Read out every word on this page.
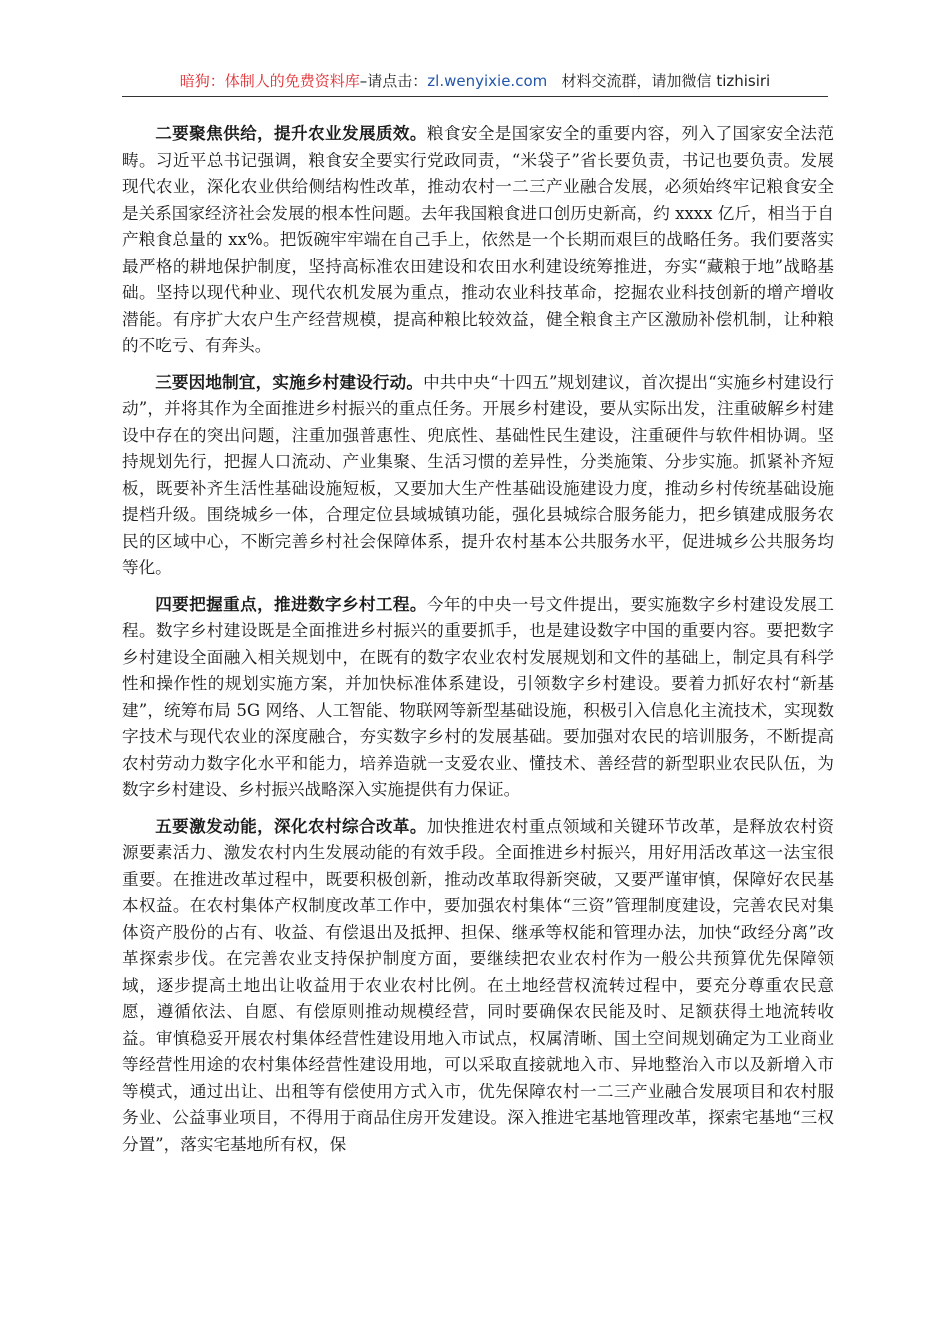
暗狗：体制人的免费资料库–请点击：zl.wenyixie.com 材料交流群，请加微信 tizhisiri

二要聚焦供给，提升农业发展质效。粮食安全是国家安全的重要内容，列入了国家安全法范畴。习近平总书记强调，粮食安全要实行党政同责，“米袋子”省长要负责，书记也要负责。发展现代农业，深化农业供给侧结构性改革，推动农村一二三产业融合发展，必须始终牢记粮食安全是关系国家经济社会发展的根本性问题。去年我国粮食进口创历史新高，约 xxxx 亿斤，相当于自产粮食总量的 xx%。把饭碗牢牢端在自己手上，依然是一个长期而艰巨的战略任务。我们要落实最严格的耕地保护制度，坚持高标准农田建设和农田水利建设统筹推进，夯实“藏粮于地”战略基础。坚持以现代种业、现代农机发展为重点，推动农业科技革命，挖掘农业科技创新的增产增收潜能。有序扩大农户生产经营规模，提高种粮比较效益，健全粮食主产区激励补偿机制，让种粮的不吃亏、有奔头。

三要因地制宜，实施乡村建设行动。中共中央“十四五”规划建议，首次提出“实施乡村建设行动”，并将其作为全面推进乡村振兴的重点任务。开展乡村建设，要从实际出发，注重破解乡村建设中存在的突出问题，注重加强普惠性、兜底性、基础性民生建设，注重硬件与软件相协调。坚持规划先行，把握人口流动、产业集聚、生活习惯的差异性，分类施策、分步实施。抓紧补齐短板，既要补齐生活性基础设施短板，又要加大生产性基础设施建设力度，推动乡村传统基础设施提档升级。围绕城乡一体，合理定位县域城镇功能，强化县城综合服务能力，把乡镇建成服务农民的区域中心，不断完善乡村社会保障体系，提升农村基本公共服务水平，促进城乡公共服务均等化。

四要把握重点，推进数字乡村工程。今年的中央一号文件提出，要实施数字乡村建设发展工程。数字乡村建设既是全面推进乡村振兴的重要抓手，也是建设数字中国的重要内容。要把数字乡村建设全面融入相关规划中，在既有的数字农业农村发展规划和文件的基础上，制定具有科学性和操作性的规划实施方案，并加快标准体系建设，引领数字乡村建设。要着力抓好农村“新基建”，统筹布局 5G 网络、人工智能、物联网等新型基础设施，积极引入信息化主流技术，实现数字技术与现代农业的深度融合，夯实数字乡村的发展基础。要加强对农民的培训服务，不断提高农村劳动力数字化水平和能力，培养造就一支爱农业、懂技术、善经营的新型职业农民队伍，为数字乡村建设、乡村振兴战略深入实施提供有力保证。

五要激发动能，深化农村综合改革。加快推进农村重点领域和关键环节改革，是释放农村资源要素活力、激发农村内生发展动能的有效手段。全面推进乡村振兴，用好用活改革这一法宝很重要。在推进改革过程中，既要积极创新，推动改革取得新突破，又要严谨审慎，保障好农民基本权益。在农村集体产权制度改革工作中，要加强农村集体“三资”管理制度建设，完善农民对集体资产股份的占有、收益、有偿退出及抵押、担保、继承等权能和管理办法，加快“政经分离”改革探索步伐。在完善农业支持保护制度方面，要继续把农业农村作为一般公共预算优先保障领域，逐步提高土地出让收益用于农业农村比例。在土地经营权流转过程中，要充分尊重农民意愿，遵循依法、自愿、有偿原则推动规模经营，同时要确保农民能及时、足额获得土地流转收益。审慎稳妥开展农村集体经营性建设用地入市试点，权属清晰、国土空间规划确定为工业商业等经营性用途的农村集体经营性建设用地，可以采取直接就地入市、异地整治入市以及新增入市等模式，通过出让、出租等有偿使用方式入市，优先保障农村一二三产业融合发展项目和农村服务业、公益事业项目，不得用于商品住房开发建设。深入推进宅基地管理改革，探索宅基地“三权分置”，落实宅基地所有权，保
